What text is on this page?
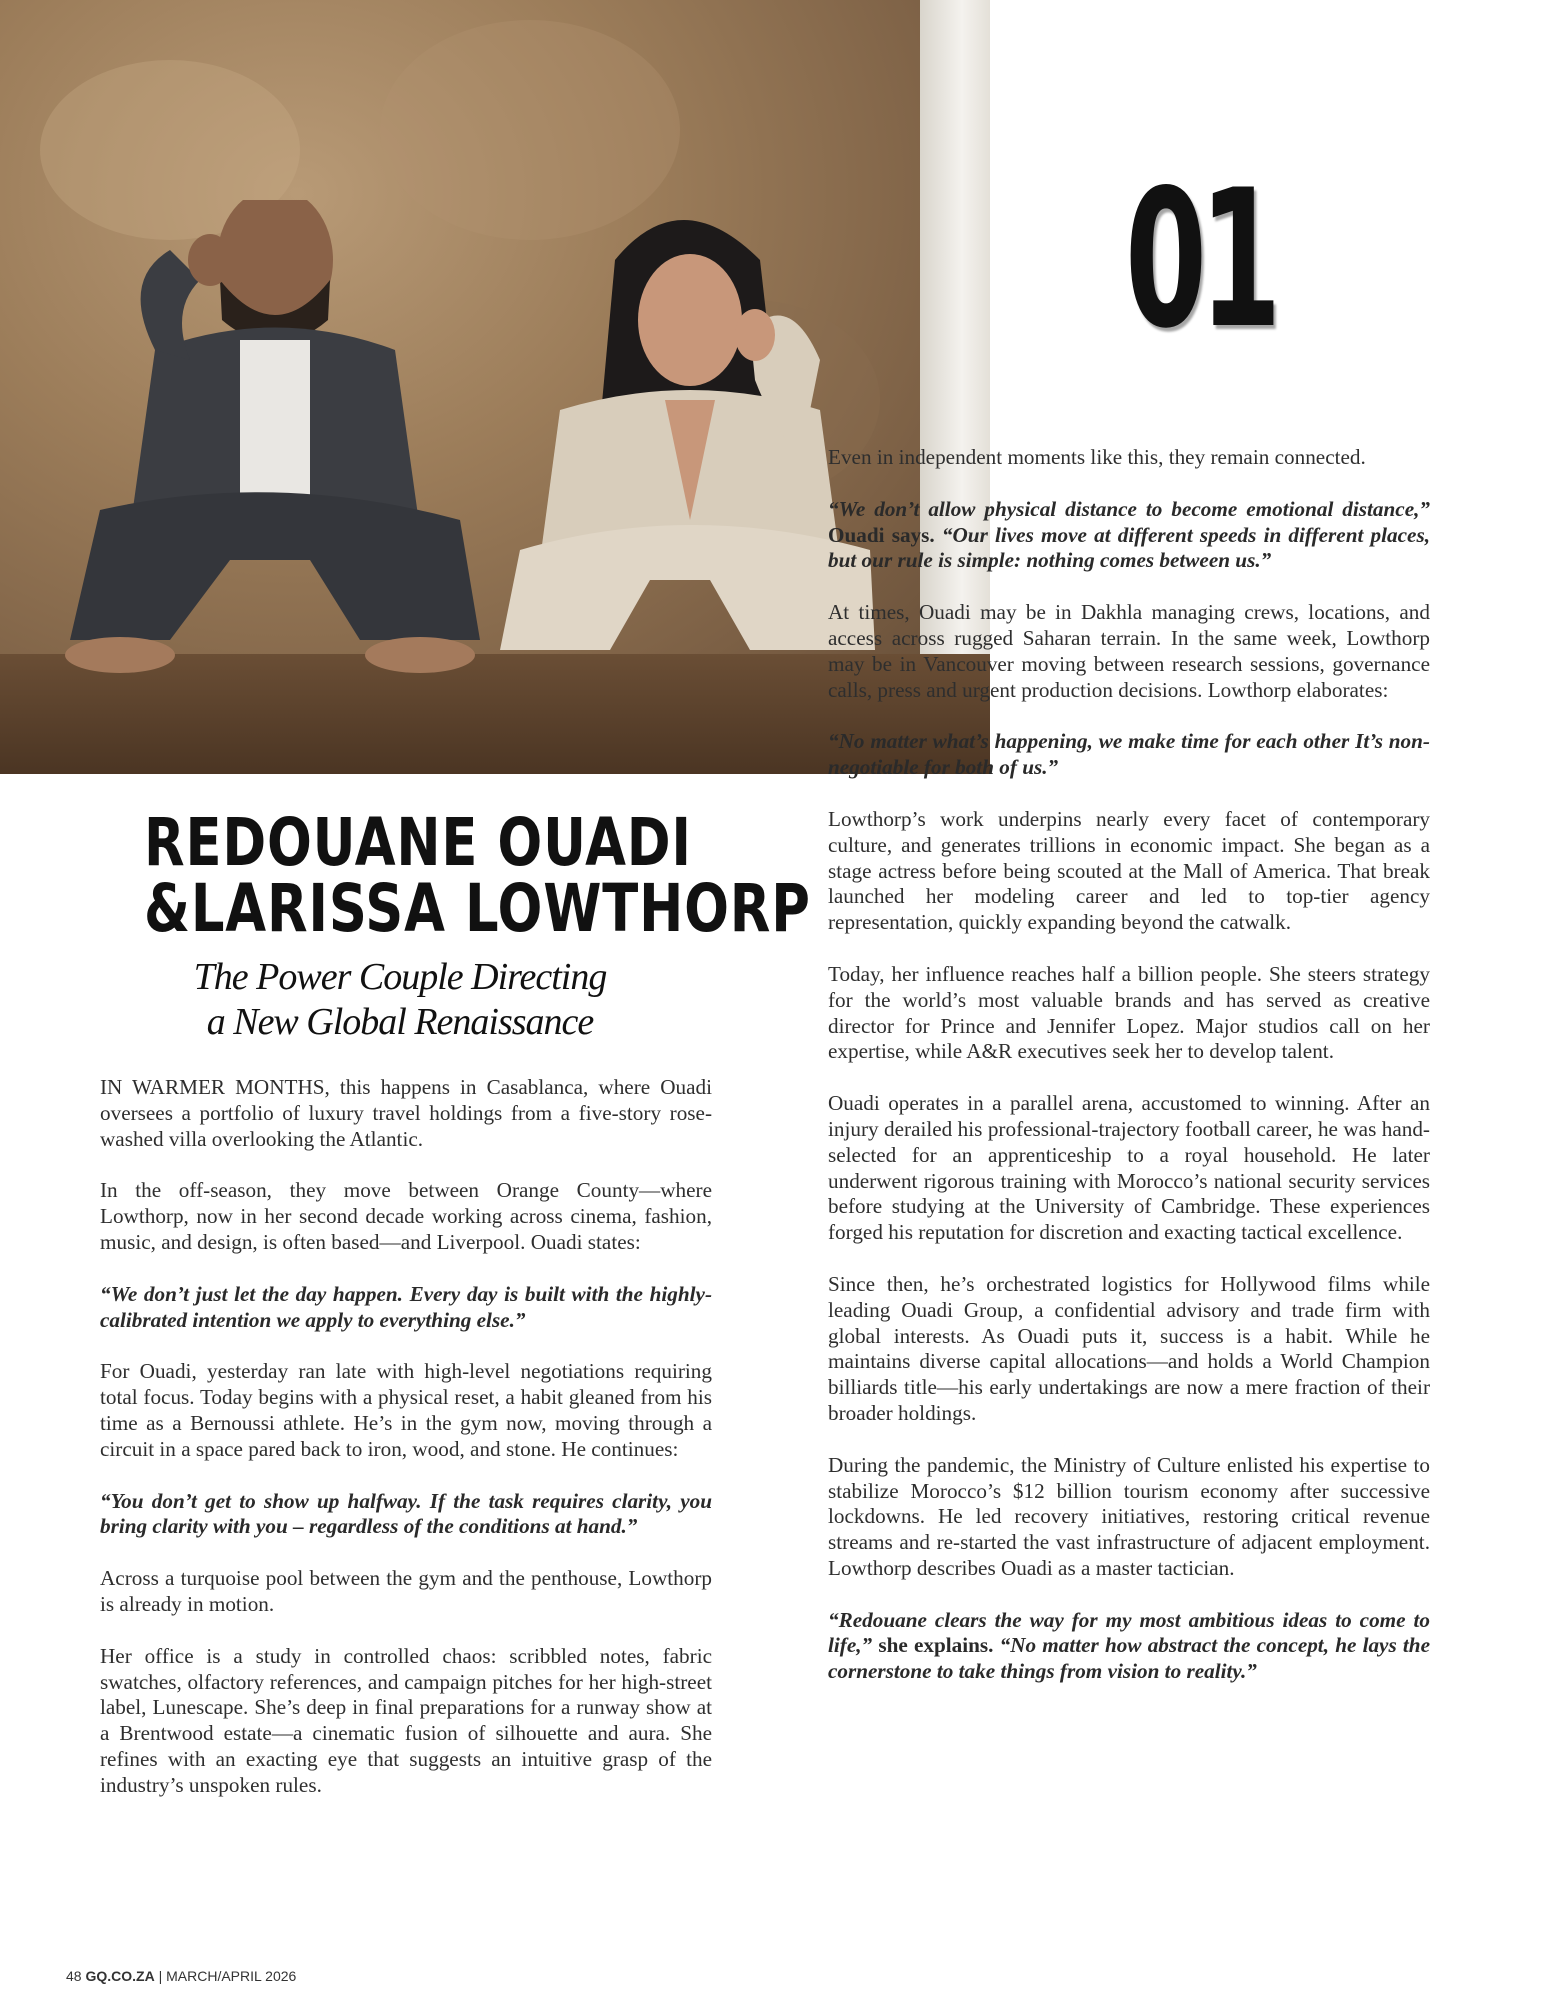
01
REDOUANE OUADI
&LARISSA LOWTHORP
The Power Couple Directing
a New Global Renaissance

IN WARMER MONTHS, this happens in Casablanca, where Ouadi oversees a portfolio of luxury travel holdings from a five-story rose-washed villa overlooking the Atlantic.

In the off-season, they move between Orange County—where Lowthorp, now in her second decade working across cinema, fashion, music, and design, is often based—and Liverpool. Ouadi states:

“We don’t just let the day happen. Every day is built with the highly-calibrated intention we apply to everything else.”

For Ouadi, yesterday ran late with high-level negotiations requiring total focus. Today begins with a physical reset, a habit gleaned from his time as a Bernoussi athlete. He’s in the gym now, moving through a circuit in a space pared back to iron, wood, and stone. He continues:

“You don’t get to show up halfway. If the task requires clarity, you bring clarity with you – regardless of the conditions at hand.”

Across a turquoise pool between the gym and the penthouse, Lowthorp is already in motion.

Her office is a study in controlled chaos: scribbled notes, fabric swatches, olfactory references, and campaign pitches for her high-street label, Lunescape. She’s deep in final preparations for a runway show at a Brentwood estate—a cinematic fusion of silhouette and aura. She refines with an exacting eye that suggests an intuitive grasp of the industry’s unspoken rules.

Even in independent moments like this, they remain connected.

“We don’t allow physical distance to become emotional distance,” Ouadi says. “Our lives move at different speeds in different places, but our rule is simple: nothing comes between us.”

At times, Ouadi may be in Dakhla managing crews, locations, and access across rugged Saharan terrain. In the same week, Lowthorp may be in Vancouver moving between research sessions, governance calls, press and urgent production decisions. Lowthorp elaborates:

“No matter what’s happening, we make time for each other It’s non-negotiable for both of us.”

Lowthorp’s work underpins nearly every facet of contemporary culture, and generates trillions in economic impact. She began as a stage actress before being scouted at the Mall of America. That break launched her modeling career and led to top-tier agency representation, quickly expanding beyond the catwalk.

Today, her influence reaches half a billion people. She steers strategy for the world’s most valuable brands and has served as creative director for Prince and Jennifer Lopez. Major studios call on her expertise, while A&R executives seek her to develop talent.

Ouadi operates in a parallel arena, accustomed to winning. After an injury derailed his professional-trajectory football career, he was hand-selected for an apprenticeship to a royal household. He later underwent rigorous training with Morocco’s national security services before studying at the University of Cambridge. These experiences forged his reputation for discretion and exacting tactical excellence.

Since then, he’s orchestrated logistics for Hollywood films while leading Ouadi Group, a confidential advisory and trade firm with global interests. As Ouadi puts it, success is a habit. While he maintains diverse capital allocations—and holds a World Champion billiards title—his early undertakings are now a mere fraction of their broader holdings.

During the pandemic, the Ministry of Culture enlisted his expertise to stabilize Morocco’s $12 billion tourism economy after successive lockdowns. He led recovery initiatives, restoring critical revenue streams and re-started the vast infrastructure of adjacent employment. Lowthorp describes Ouadi as a master tactician.

“Redouane clears the way for my most ambitious ideas to come to life,” she explains. “No matter how abstract the concept, he lays the cornerstone to take things from vision to reality.”

48 GQ.CO.ZA | MARCH/APRIL 2026
